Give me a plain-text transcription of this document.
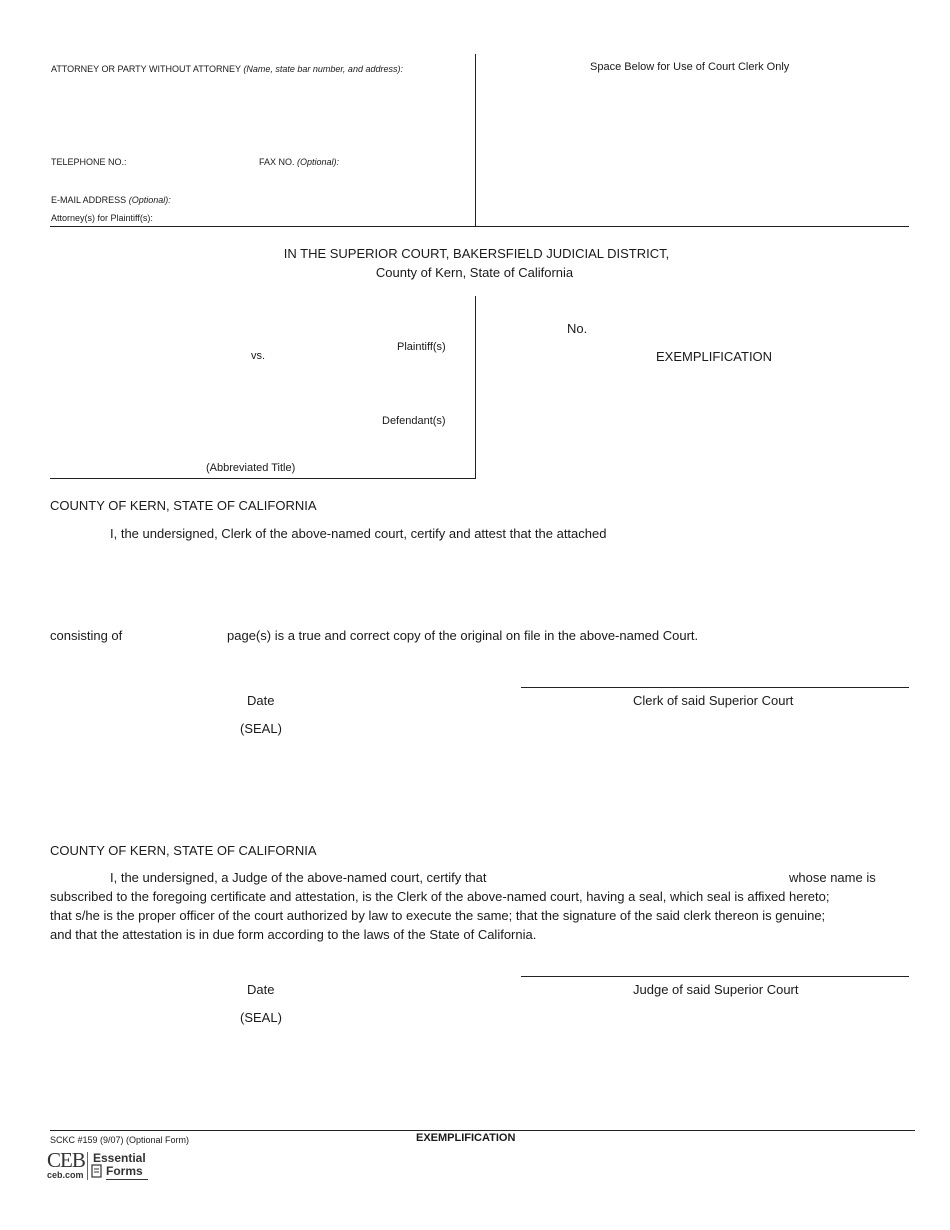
ATTORNEY OR PARTY WITHOUT ATTORNEY (Name, state bar number, and address):	Space Below for Use of Court Clerk Only
TELEPHONE NO.:	FAX NO. (Optional):
E-MAIL ADDRESS (Optional):
Attorney(s) for Plaintiff(s):
IN THE SUPERIOR COURT, BAKERSFIELD JUDICIAL DISTRICT,
County of Kern, State of California
Plaintiff(s)
vs.
Defendant(s)
(Abbreviated Title)
No.
EXEMPLIFICATION
COUNTY OF KERN, STATE OF CALIFORNIA
I, the undersigned, Clerk of the above-named court, certify and attest that the attached
consisting of	page(s) is a true and correct copy of the original on file in the above-named Court.
Date	Clerk of said Superior Court
(SEAL)
COUNTY OF KERN, STATE OF CALIFORNIA
I, the undersigned, a Judge of the above-named court, certify that	whose name is
subscribed to the foregoing certificate and attestation, is the Clerk of the above-named court, having a seal, which seal is affixed hereto;
that s/he is the proper officer of the court authorized by law to execute the same; that the signature of the said clerk thereon is genuine;
and that the attestation is in due form according to the laws of the State of California.
Date	Judge of said Superior Court
(SEAL)
SCKC #159 (9/07) (Optional Form)	EXEMPLIFICATION
CEB
ceb.com
Essential
Forms
